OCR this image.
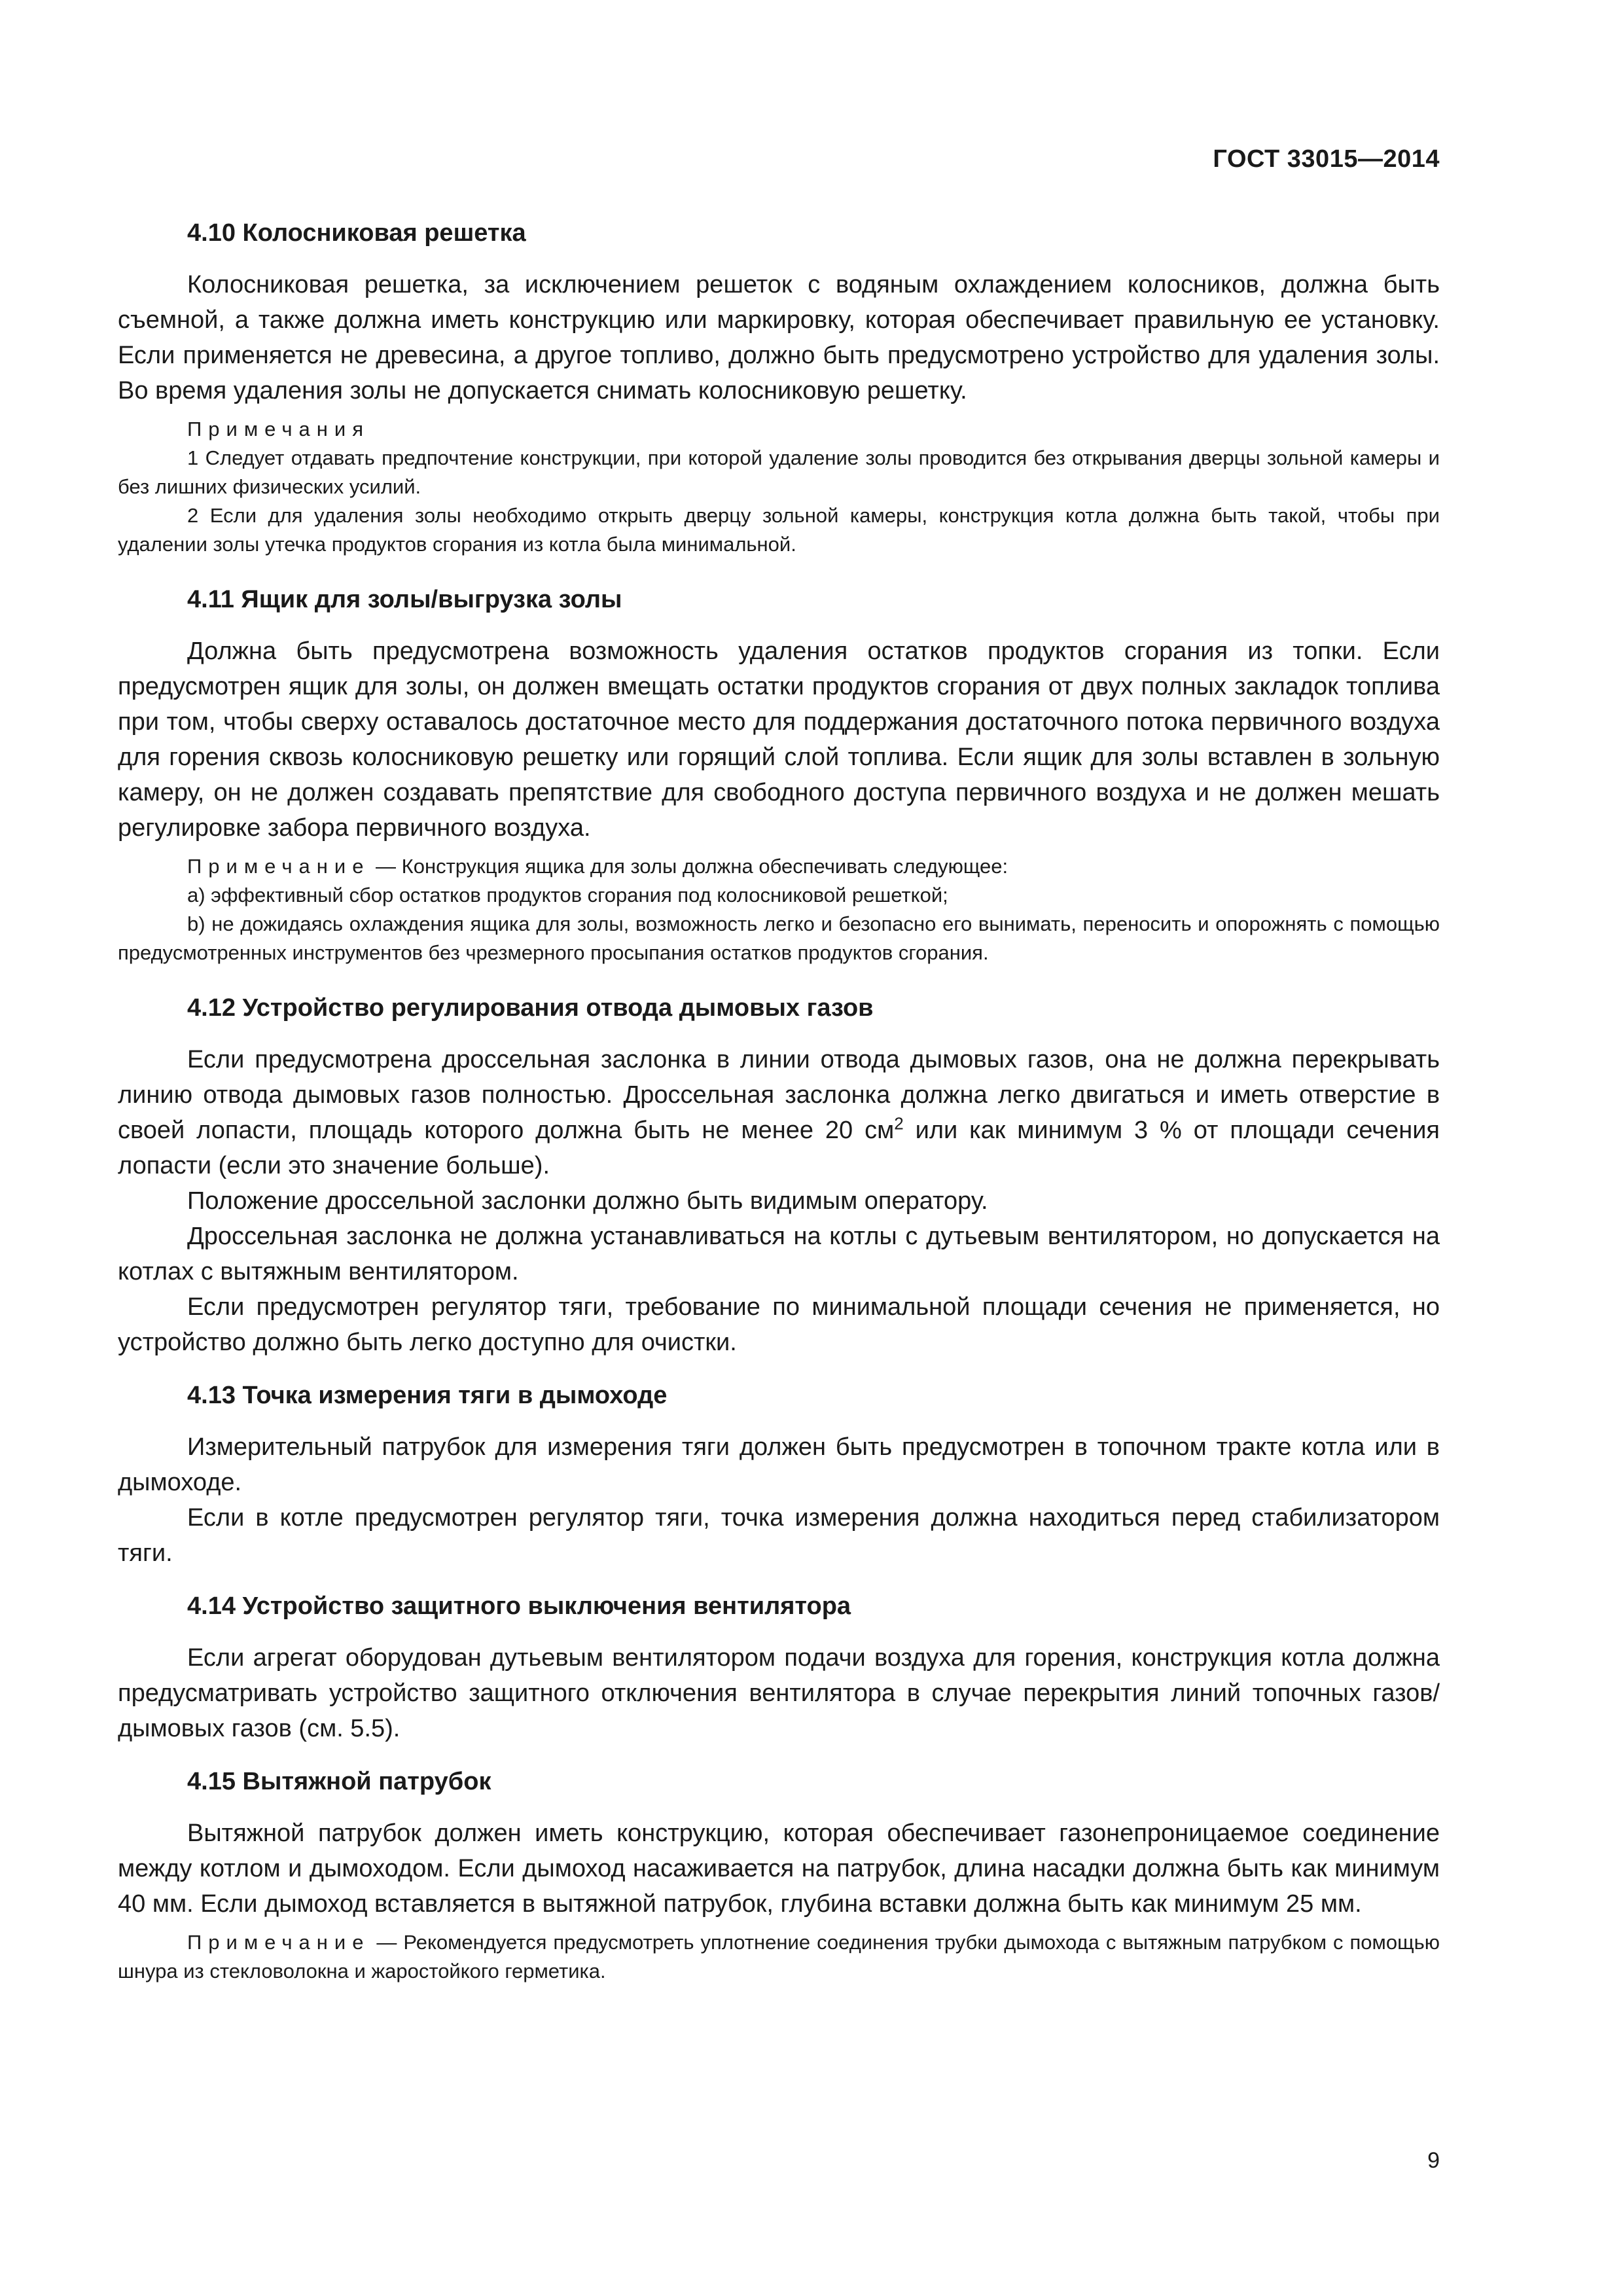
ГОСТ 33015—2014
4.10 Колосниковая решетка

Колосниковая решетка, за исключением решеток с водяным охлаждением колосников, должна быть съемной, а также должна иметь конструкцию или маркировку, которая обеспечивает правильную ее установку. Если применяется не древесина, а другое топливо, должно быть предусмотрено устройство для удаления золы. Во время удаления золы не допускается снимать колосниковую решетку.

Примечания

1 Следует отдавать предпочтение конструкции, при которой удаление золы проводится без открывания дверцы зольной камеры и без лишних физических усилий.

2 Если для удаления золы необходимо открыть дверцу зольной камеры, конструкция котла должна быть такой, чтобы при удалении золы утечка продуктов сгорания из котла была минимальной.

4.11 Ящик для золы/выгрузка золы

Должна быть предусмотрена возможность удаления остатков продуктов сгорания из топки. Если предусмотрен ящик для золы, он должен вмещать остатки продуктов сгорания от двух полных закладок топлива при том, чтобы сверху оставалось достаточное место для поддержания достаточного потока первичного воздуха для горения сквозь колосниковую решетку или горящий слой топлива. Если ящик для золы вставлен в зольную камеру, он не должен создавать препятствие для свободного доступа первичного воздуха и не должен мешать регулировке забора первичного воздуха.

Примечание — Конструкция ящика для золы должна обеспечивать следующее:

a) эффективный сбор остатков продуктов сгорания под колосниковой решеткой;

b) не дожидаясь охлаждения ящика для золы, возможность легко и безопасно его вынимать, переносить и опорожнять с помощью предусмотренных инструментов без чрезмерного просыпания остатков продуктов сгорания.

4.12 Устройство регулирования отвода дымовых газов

Если предусмотрена дроссельная заслонка в линии отвода дымовых газов, она не должна перекрывать линию отвода дымовых газов полностью. Дроссельная заслонка должна легко двигаться и иметь отверстие в своей лопасти, площадь которого должна быть не менее 20 $см^2$ или как минимум 3 % от площади сечения лопасти (если это значение больше).

Положение дроссельной заслонки должно быть видимым оператору.

Дроссельная заслонка не должна устанавливаться на котлы с дутьевым вентилятором, но допускается на котлах с вытяжным вентилятором.

Если предусмотрен регулятор тяги, требование по минимальной площади сечения не применяется, но устройство должно быть легко доступно для очистки.

4.13 Точка измерения тяги в дымоходе

Измерительный патрубок для измерения тяги должен быть предусмотрен в топочном тракте котла или в дымоходе.

Если в котле предусмотрен регулятор тяги, точка измерения должна находиться перед стабилизатором тяги.

4.14 Устройство защитного выключения вентилятора

Если агрегат оборудован дутьевым вентилятором подачи воздуха для горения, конструкция котла должна предусматривать устройство защитного отключения вентилятора в случае перекрытия линий топочных газов/дымовых газов (см. 5.5).

4.15 Вытяжной патрубок

Вытяжной патрубок должен иметь конструкцию, которая обеспечивает газонепроницаемое соединение между котлом и дымоходом. Если дымоход насаживается на патрубок, длина насадки должна быть как минимум 40 мм. Если дымоход вставляется в вытяжной патрубок, глубина вставки должна быть как минимум 25 мм.

Примечание — Рекомендуется предусмотреть уплотнение соединения трубки дымохода с вытяжным патрубком с помощью шнура из стекловолокна и жаростойкого герметика.

9
